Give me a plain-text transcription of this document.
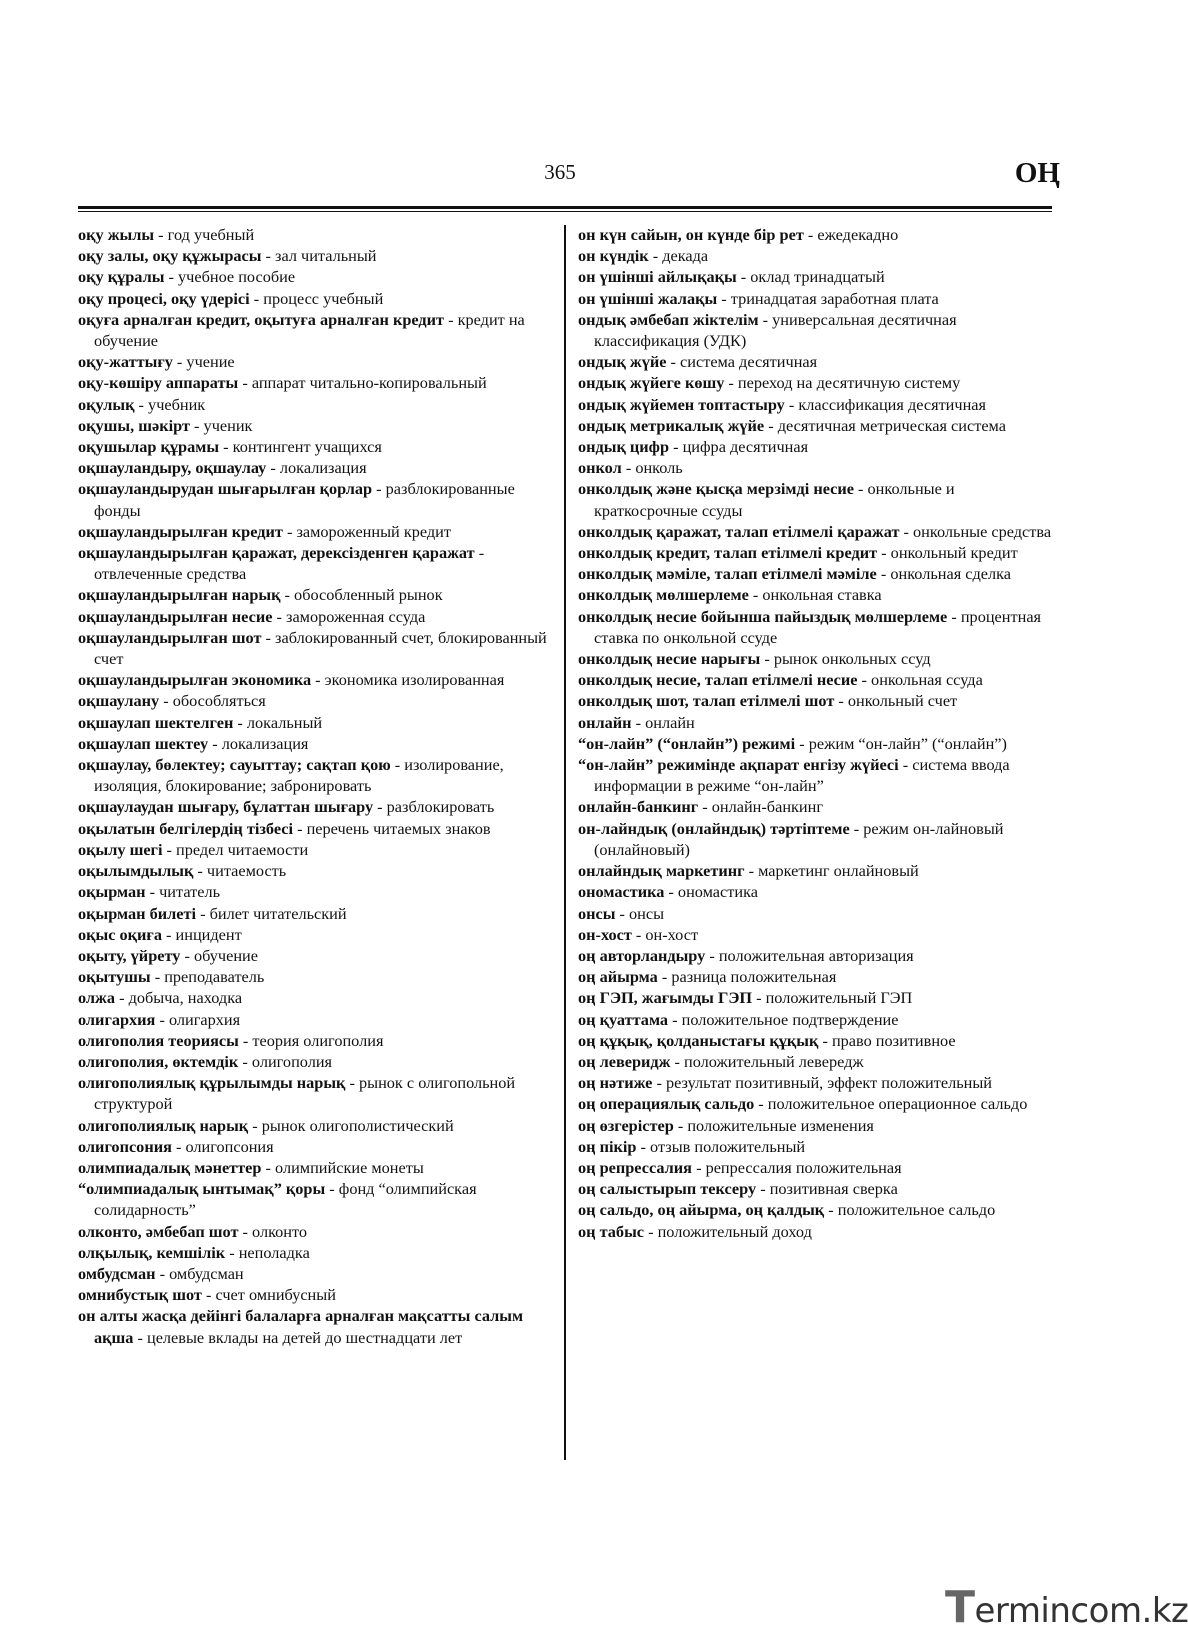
365	ОҢ
оқу жылы - год учебный
оқу залы, оқу құжырасы - зал читальный
оқу құралы - учебное пособие
оқу процесі, оқу үдерісі - процесс учебный
оқуға арналған кредит, оқытуға арналған кредит - кредит на обучение
оқу-жаттығу - учение
оқу-көшіру аппараты - аппарат читально-копировальный
оқулық - учебник
оқушы, шәкірт - ученик
оқушылар құрамы - контингент учащихся
оқшауландыру, оқшаулау - локализация
оқшауландырудан шығарылған қорлар - разблокированные фонды
оқшауландырылған кредит - замороженный кредит
оқшауландырылған қаражат, дерексізденген қаражат - отвлеченные средства
оқшауландырылған нарық - обособленный рынок
оқшауландырылған несие - замороженная ссуда
оқшауландырылған шот - заблокированный счет, блокированный счет
оқшауландырылған экономика - экономика изолированная
оқшаулану - обособляться
оқшаулап шектелген - локальный
оқшаулап шектеу - локализация
оқшаулау, бөлектеу; сауыттау; сақтап қою - изолирование, изоляция, блокирование; забронировать
оқшаулаудан шығару, бұлаттан шығару - разблокировать
оқылатын белгілердің тізбесі - перечень читаемых знаков
оқылу шегі - предел читаемости
оқылымдылық - читаемость
оқырман - читатель
оқырман билеті - билет читательский
оқыс оқиға - инцидент
оқыту, үйрету - обучение
оқытушы - преподаватель
олжа - добыча, находка
олигархия - олигархия
олигополия теориясы - теория олигополия
олигополия, өктемдік - олигополия
олигополиялық құрылымды нарық - рынок с олигопольной структурой
олигополиялық нарық - рынок олигополистический
олигопсония - олигопсония
олимпиадалық мәнеттер - олимпийские монеты
“олимпиадалық ынтымақ” қоры - фонд “олимпийская солидарность”
олконто, әмбебап шот - олконто
олқылық, кемшілік - неполадка
омбудсман - омбудсман
омнибустық шот - счет омнибусный
он алты жасқа дейінгі балаларға арналған мақсатты салым ақша - целевые вклады на детей до шестнадцати лет
он күн сайын, он күнде бір рет - ежедекадно
он күндік - декада
он үшінші айлықақы - оклад тринадцатый
он үшінші жалақы - тринадцатая заработная плата
ондық әмбебап жіктелім - универсальная десятичная классификация (УДК)
ондық жүйе - система десятичная
ондық жүйеге көшу - переход на десятичную систему
ондық жүйемен топтастыру - классификация десятичная
ондық метрикалық жүйе - десятичная метрическая система
ондық цифр - цифра десятичная
онкол - онколь
онколдық және қысқа мерзімді несие - онкольные и краткосрочные ссуды
онколдық қаражат, талап етілмелі қаражат - онкольные средства
онколдық кредит, талап етілмелі кредит - онкольный кредит
онколдық мәміле, талап етілмелі мәміле - онкольная сделка
онколдық мөлшерлеме - онкольная ставка
онколдық несие бойынша пайыздық мөлшерлеме - процентная ставка по онкольной ссуде
онколдық несие нарығы - рынок онкольных ссуд
онколдық несие, талап етілмелі несие - онкольная ссуда
онколдық шот, талап етілмелі шот - онкольный счет
онлайн - онлайн
“он-лайн” (“онлайн”) режимі - режим “он-лайн” (“онлайн”)
“он-лайн” режимінде ақпарат енгізу жүйесі - система ввода информации в режиме “он-лайн”
онлайн-банкинг - онлайн-банкинг
он-лайндық (онлайндық) тәртіптеме - режим он-лайновый (онлайновый)
онлайндық маркетинг - маркетинг онлайновый
ономастика - ономастика
онсы - онсы
он-хост - он-хост
оң авторландыру - положительная авторизация
оң айырма - разница положительная
оң ГЭП, жағымды ГЭП - положительный ГЭП
оң қуаттама - положительное подтверждение
оң құқық, қолданыстағы құқық - право позитивное
оң леверидж - положительный левередж
оң нәтиже - результат позитивный, эффект положительный
оң операциялық сальдо - положительное операционное сальдо
оң өзгерістер - положительные изменения
оң пікір - отзыв положительный
оң репрессалия - репрессалия положительная
оң салыстырып тексеру - позитивная сверка
оң сальдо, оң айырма, оң қалдық - положительное сальдо
оң табыс - положительный доход
Termincom.kz
